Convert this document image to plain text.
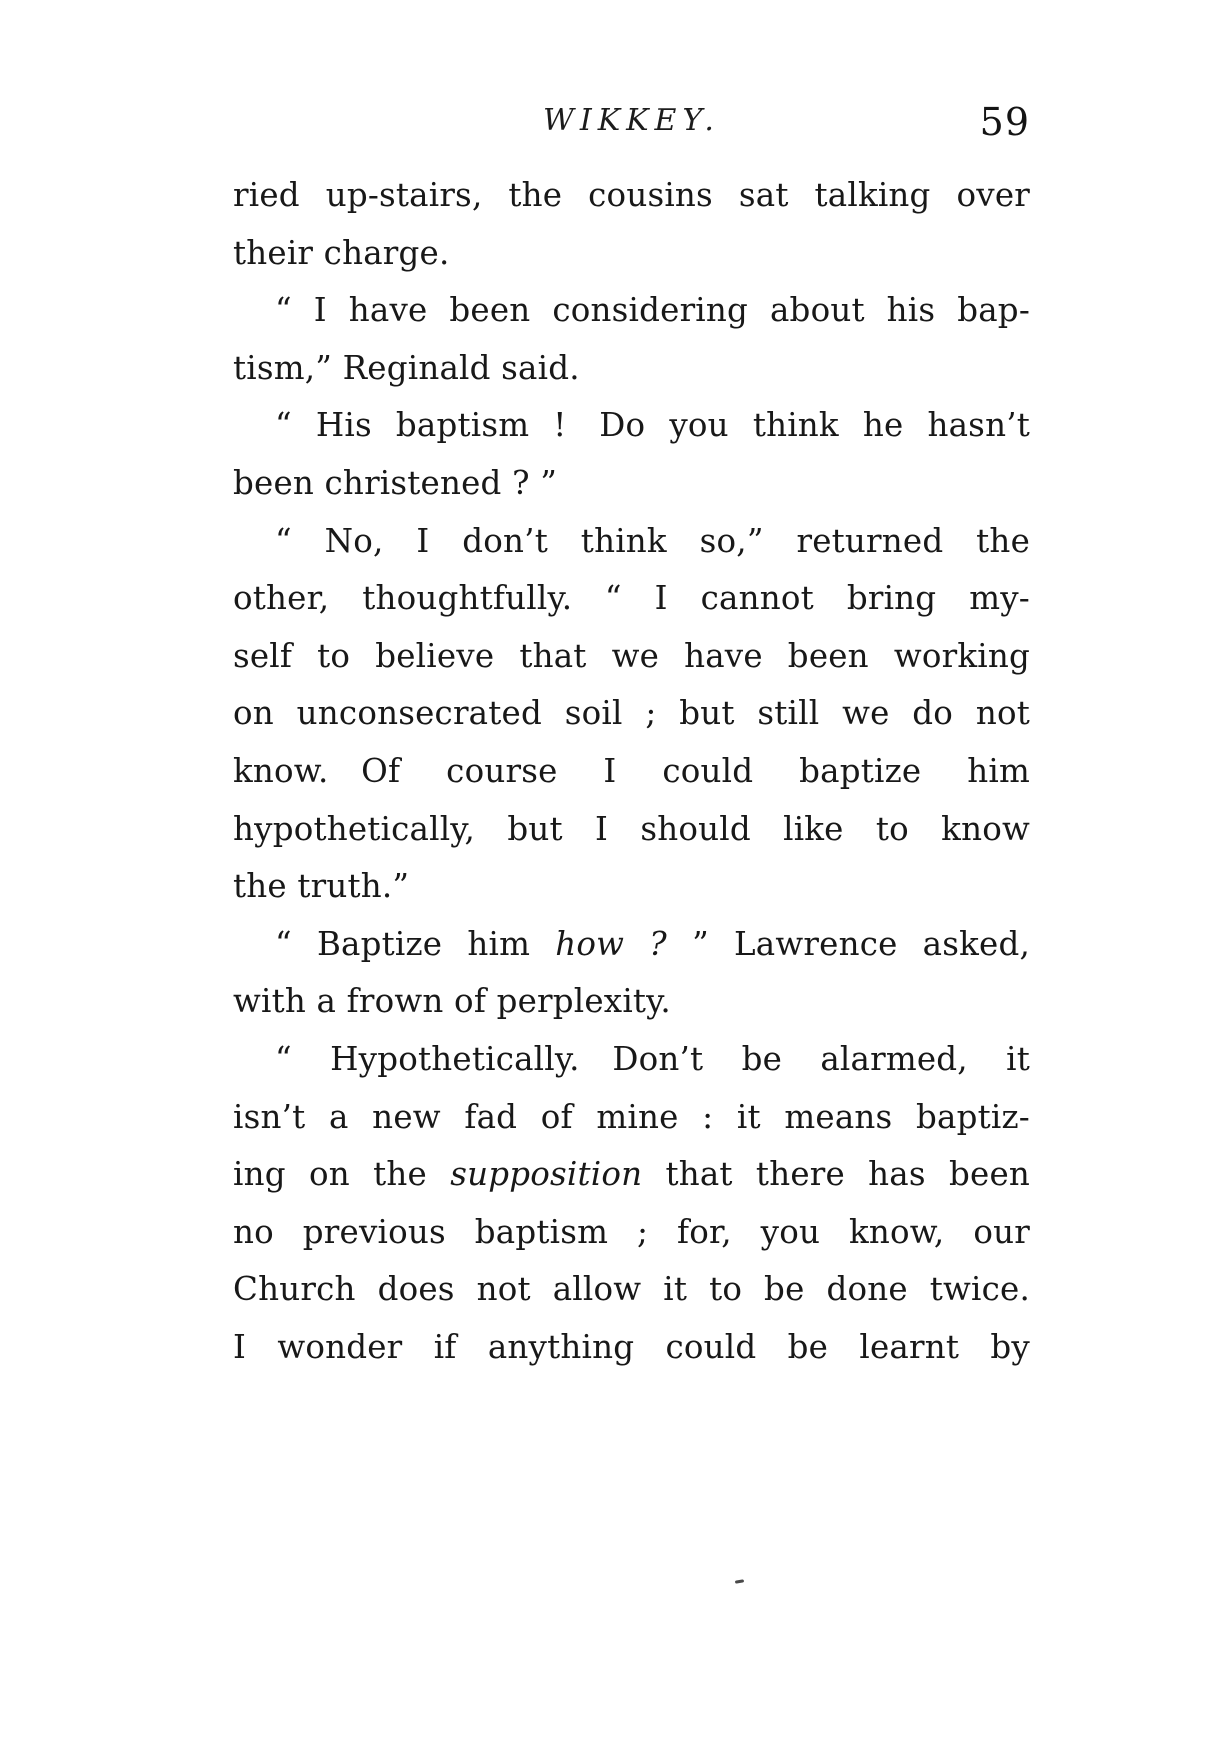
WIKKEY.	59
ried up-stairs, the cousins sat talking over
their charge.
“ I have been considering about his bap-
tism,” Reginald said.
“ His baptism ! Do you think he hasn’t
been christened ? ”
“ No, I don’t think so,” returned the
other, thoughtfully. “ I cannot bring my-
self to believe that we have been working
on unconsecrated soil ; but still we do not
know. Of course I could baptize him
hypothetically, but I should like to know
the truth.”
“ Baptize him how ? ” Lawrence asked,
with a frown of perplexity.
“ Hypothetically. Don’t be alarmed, it
isn’t a new fad of mine : it means baptiz-
ing on the supposition that there has been
no previous baptism ; for, you know, our
Church does not allow it to be done twice.
I wonder if anything could be learnt by
